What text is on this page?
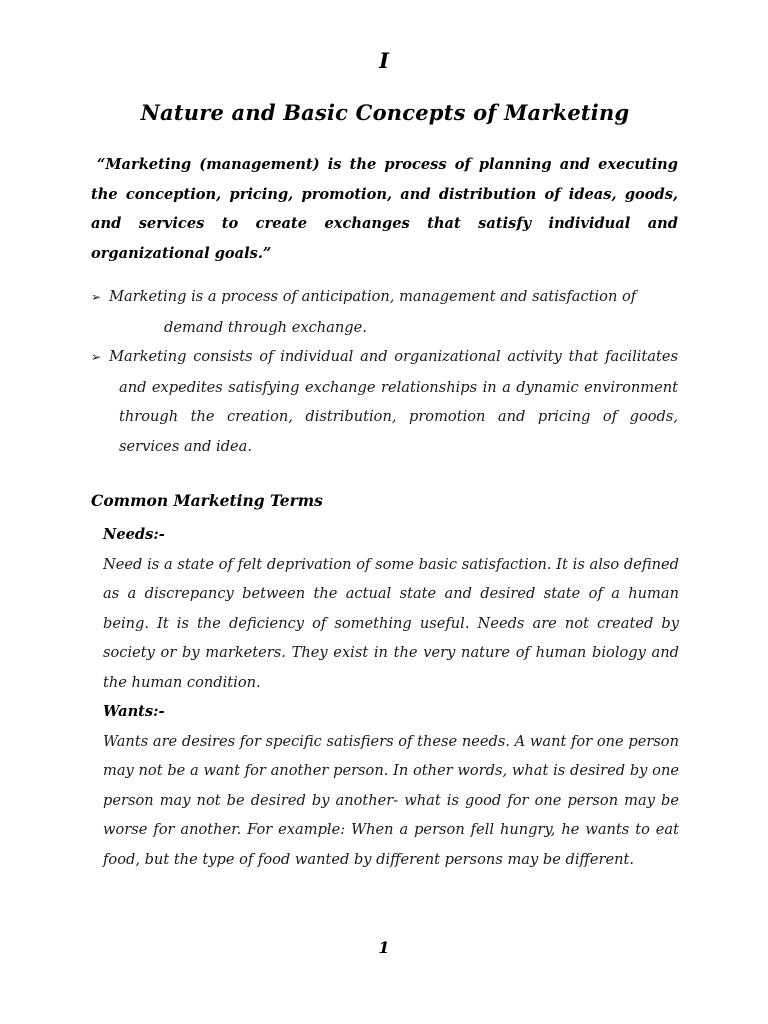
I
Nature and Basic Concepts of Marketing

“Marketing (management) is the process of planning and executing the conception, pricing, promotion, and distribution of ideas, goods, and services to create exchanges that satisfy individual and organizational goals.”

➢ Marketing is a process of anticipation, management and satisfaction of
demand through exchange.
➢ Marketing consists of individual and organizational activity that facilitates and expedites satisfying exchange relationships in a dynamic environment through the creation, distribution, promotion and pricing of goods, services and idea.
Common Marketing Terms
Needs:-

Need is a state of felt deprivation of some basic satisfaction. It is also defined as a discrepancy between the actual state and desired state of a human being. It is the deficiency of something useful. Needs are not created by society or by marketers. They exist in the very nature of human biology and the human condition.

Wants:-

Wants are desires for specific satisfiers of these needs. A want for one person may not be a want for another person. In other words, what is desired by one person may not be desired by another- what is good for one person may be worse for another. For example: When a person fell hungry, he wants to eat food, but the type of food wanted by different persons may be different.

1
